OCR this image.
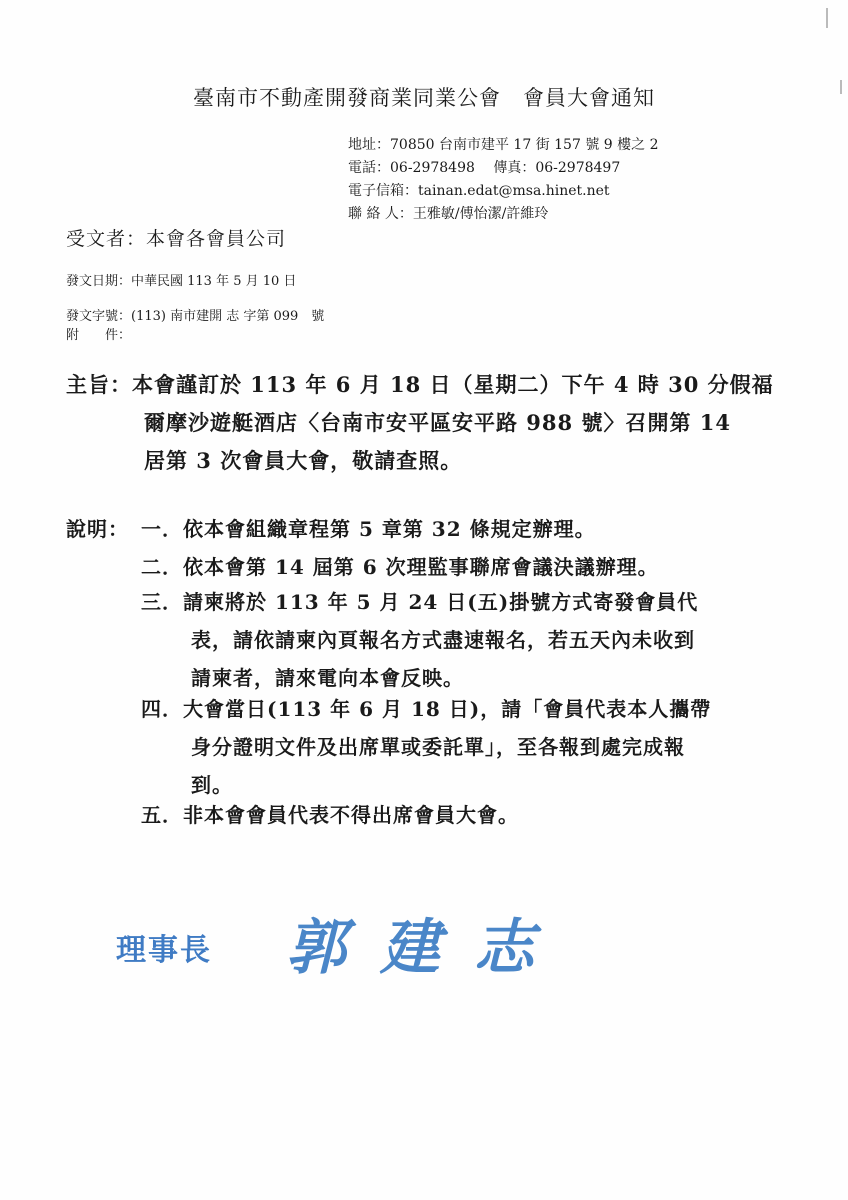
臺南市不動產開發商業同業公會　會員大會通知
地址：70850 台南市建平 17 街 157 號 9 樓之 2
電話：06-2978498　 傳真：06-2978497
電子信箱：tainan.edat@msa.hinet.net
聯 絡 人：王雅敏/傅怡潔/許維玲
受文者：本會各會員公司
發文日期：中華民國 113 年 5 月 10 日
發文字號：(113) 南市建開 志 字第 099　號
附　　件：
主旨：本會謹訂於 113 年 6 月 18 日（星期二）下午 4 時 30 分假福
爾摩沙遊艇酒店〈台南市安平區安平路 988 號〉召開第 14
居第 3 次會員大會，敬請查照。
說明： 一．依本會組織章程第 5 章第 32 條規定辦理。
二．依本會第 14 屆第 6 次理監事聯席會議決議辦理。
三．請柬將於 113 年 5 月 24 日(五)掛號方式寄發會員代
表，請依請柬內頁報名方式盡速報名，若五天內未收到
請柬者，請來電向本會反映。
四．大會當日(113 年 6 月 18 日)，請「會員代表本人攜帶
身分證明文件及出席單或委託單」，至各報到處完成報
到。
五．非本會會員代表不得出席會員大會。
理事長 郭建志
